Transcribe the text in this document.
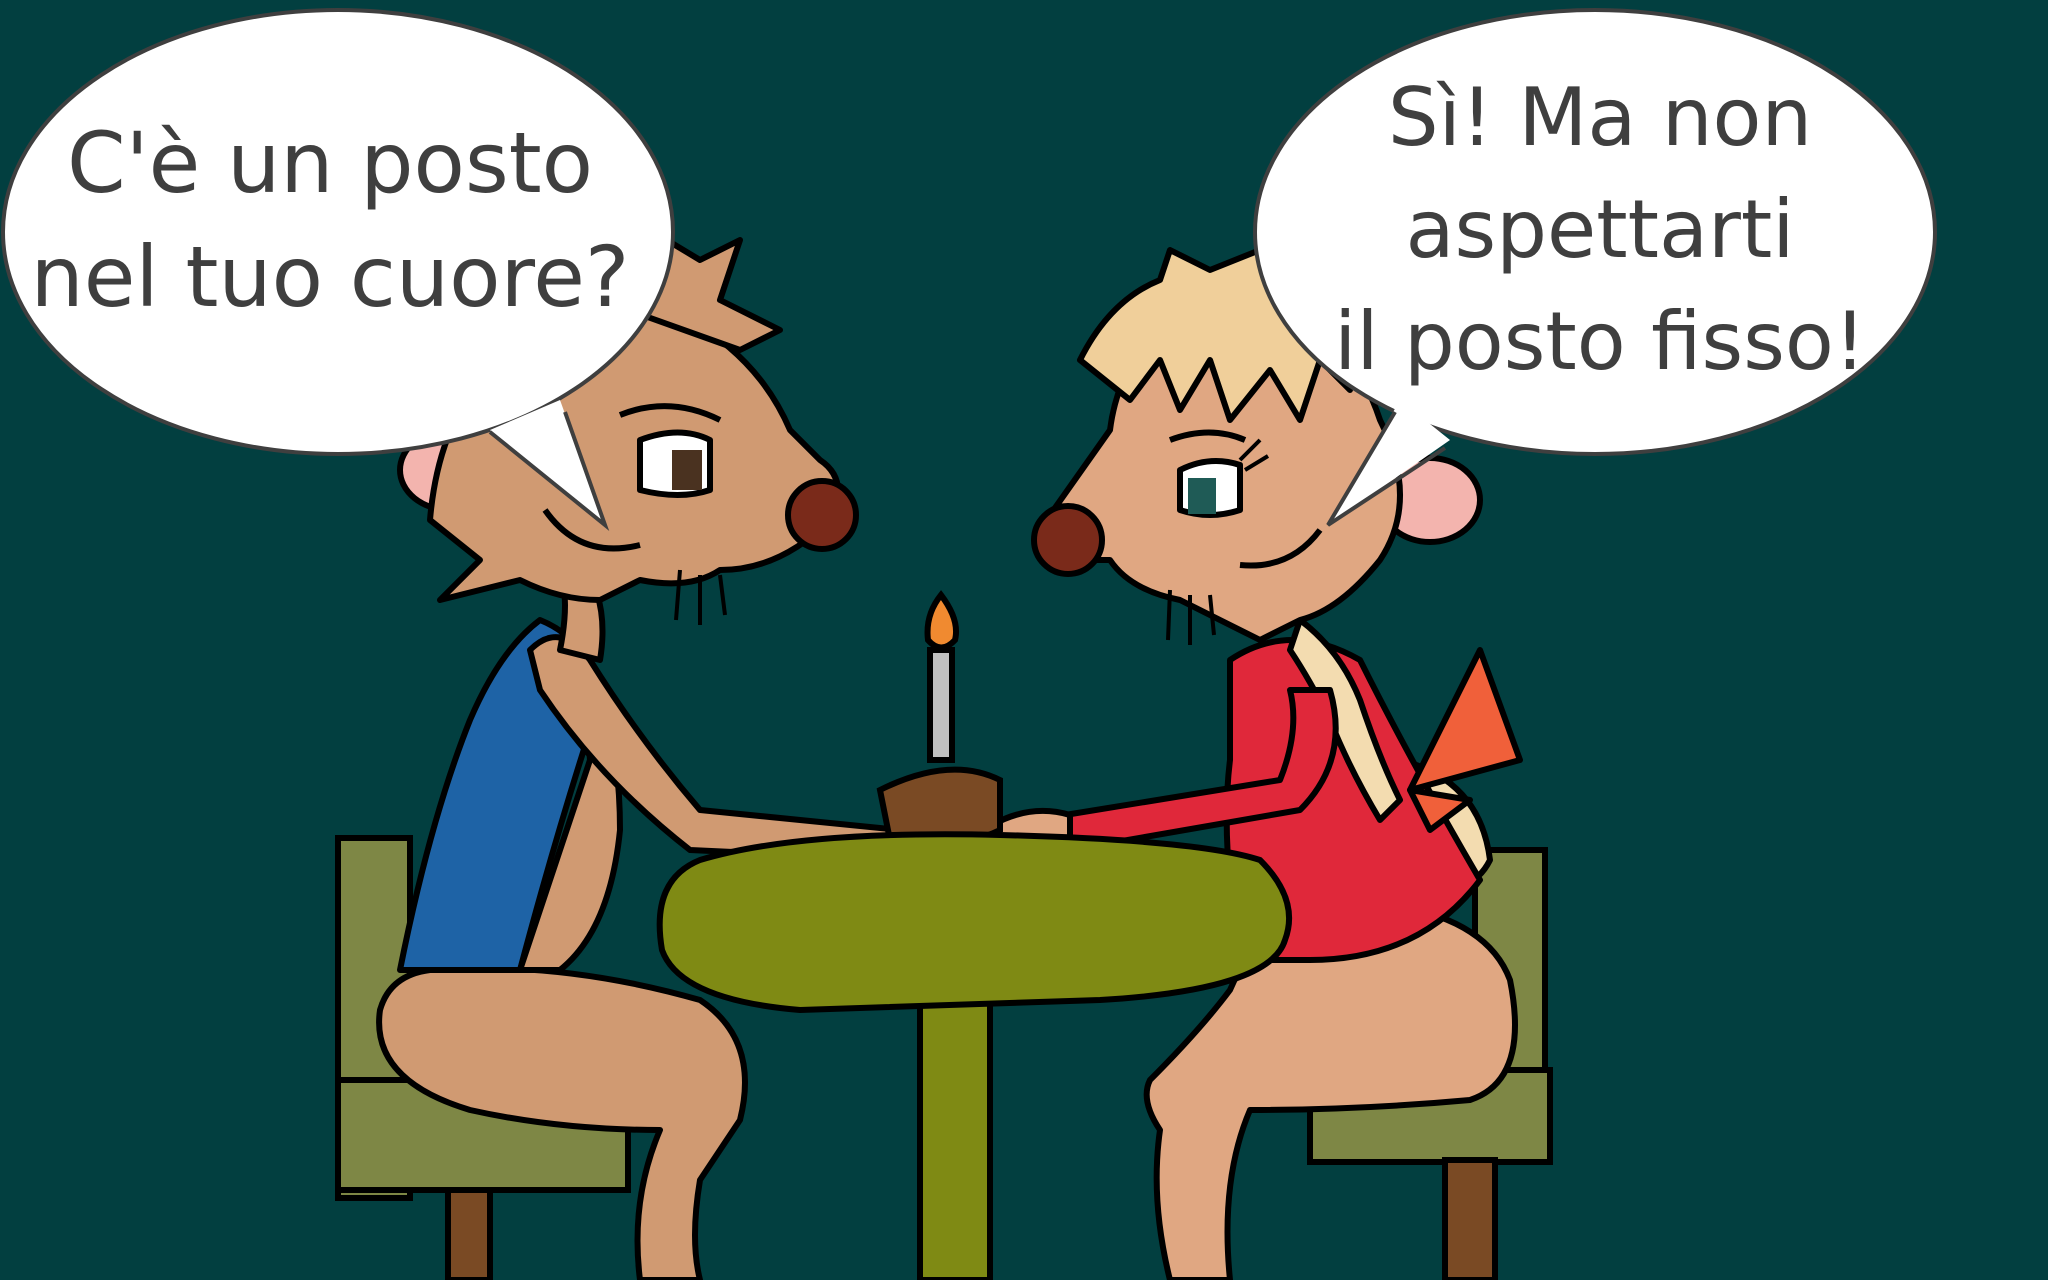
C'è un posto
nel tuo cuore?
Sì! Ma non
aspettarti
il posto fisso!
